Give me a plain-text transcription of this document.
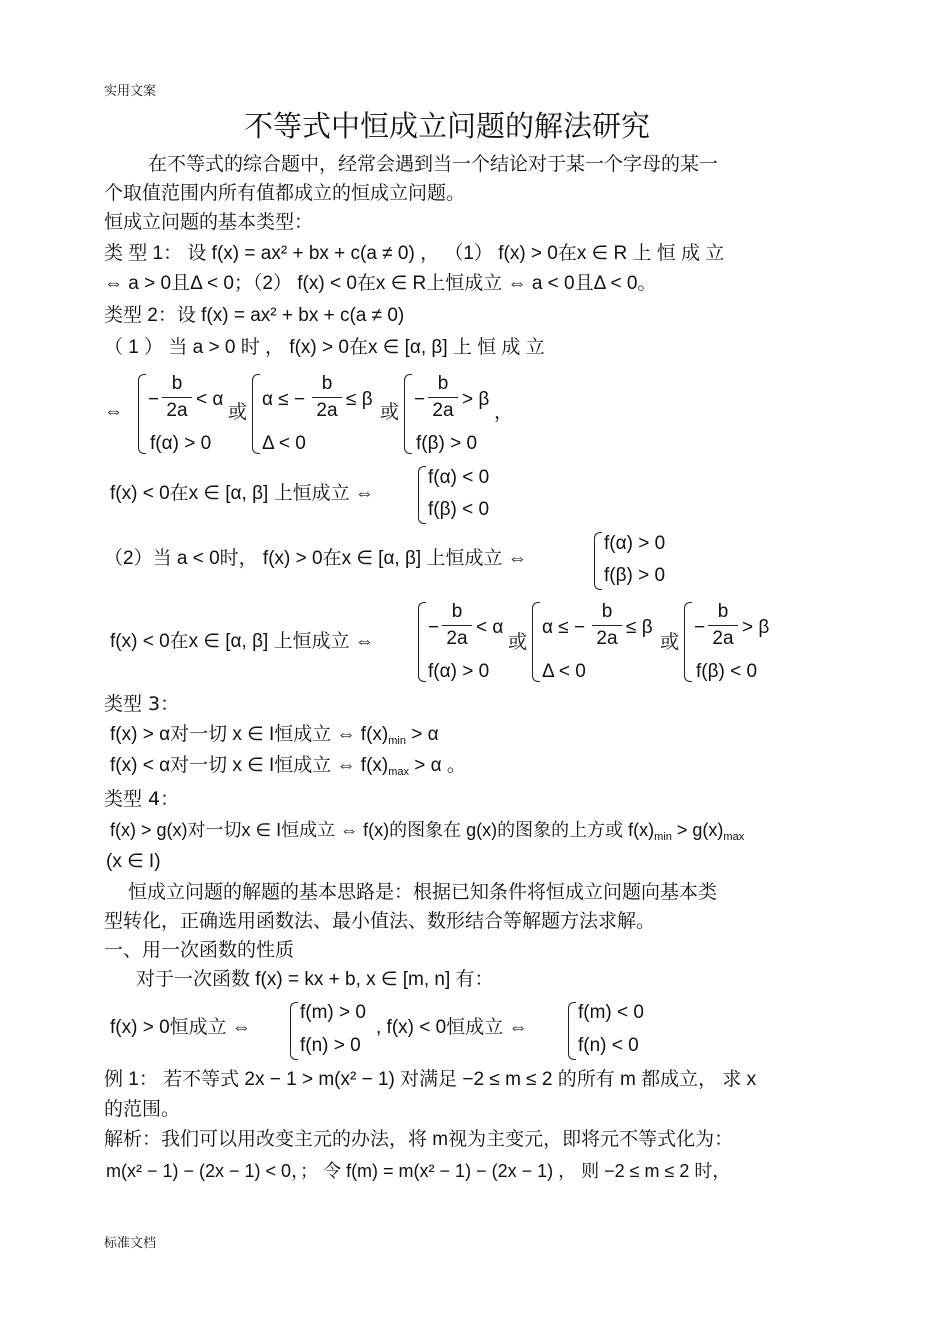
实用文案
不等式中恒成立问题的解法研究
在不等式的综合题中，经常会遇到当一个结论对于某一个字母的某一
个取值范围内所有值都成立的恒成立问题。
恒成立问题的基本类型：
类 型 1： 设 f(x) = ax² + bx + c(a ≠ 0) ， （1） f(x) > 0在x ∈ R 上 恒 成 立
⇔ a > 0且Δ < 0；（2） f(x) < 0在x ∈ R上恒成立 ⇔ a < 0且Δ < 0。
类型 2：设 f(x) = ax² + bx + c(a ≠ 0)
（ 1 ） 当 a > 0 时 ， f(x) > 0在x ∈ [α, β] 上 恒 成 立
⇔
−
b
2a
< α
f(α) > 0
或
α ≤ −
b
2a
≤ β
Δ < 0
或
−
b
2a
> β
f(β) > 0
，
f(x) < 0在x ∈ [α, β] 上恒成立 ⇔
f(α) < 0
f(β) < 0
（2）当 a < 0时， f(x) > 0在x ∈ [α, β] 上恒成立 ⇔
f(α) > 0
f(β) > 0
f(x) < 0在x ∈ [α, β] 上恒成立 ⇔
−
b
2a
< α
f(α) > 0
或
α ≤ −
b
2a
≤ β
Δ < 0
或
−
b
2a
> β
f(β) < 0
类型 3：
f(x) > α对一切 x ∈ I恒成立 ⇔ $f(x)_{min} > \alpha$
f(x) < α对一切 x ∈ I恒成立 ⇔ $f(x)_{max} > \alpha$ 。
类型 4：
f(x) > g(x)对一切x ∈ I恒成立 ⇔ f(x)的图象在 g(x)的图象的上方或 $f(x)_{min} > g(x)_{max}$
(x ∈ I)
恒成立问题的解题的基本思路是：根据已知条件将恒成立问题向基本类
型转化，正确选用函数法、最小值法、数形结合等解题方法求解。
一、用一次函数的性质
对于一次函数 f(x) = kx + b, x ∈ [m, n] 有：
f(x) > 0恒成立 ⇔
f(m) > 0
f(n) > 0
, f(x) < 0恒成立 ⇔
f(m) < 0
f(n) < 0
例 1： 若不等式 2x − 1 > m(x² − 1) 对满足 −2 ≤ m ≤ 2 的所有 m 都成立， 求 x
的范围。
解析：我们可以用改变主元的办法，将 m视为主变元，即将元不等式化为：
m(x² − 1) − (2x − 1) < 0，； 令 f(m) = m(x² − 1) − (2x − 1) ， 则 −2 ≤ m ≤ 2 时，
标准文档
